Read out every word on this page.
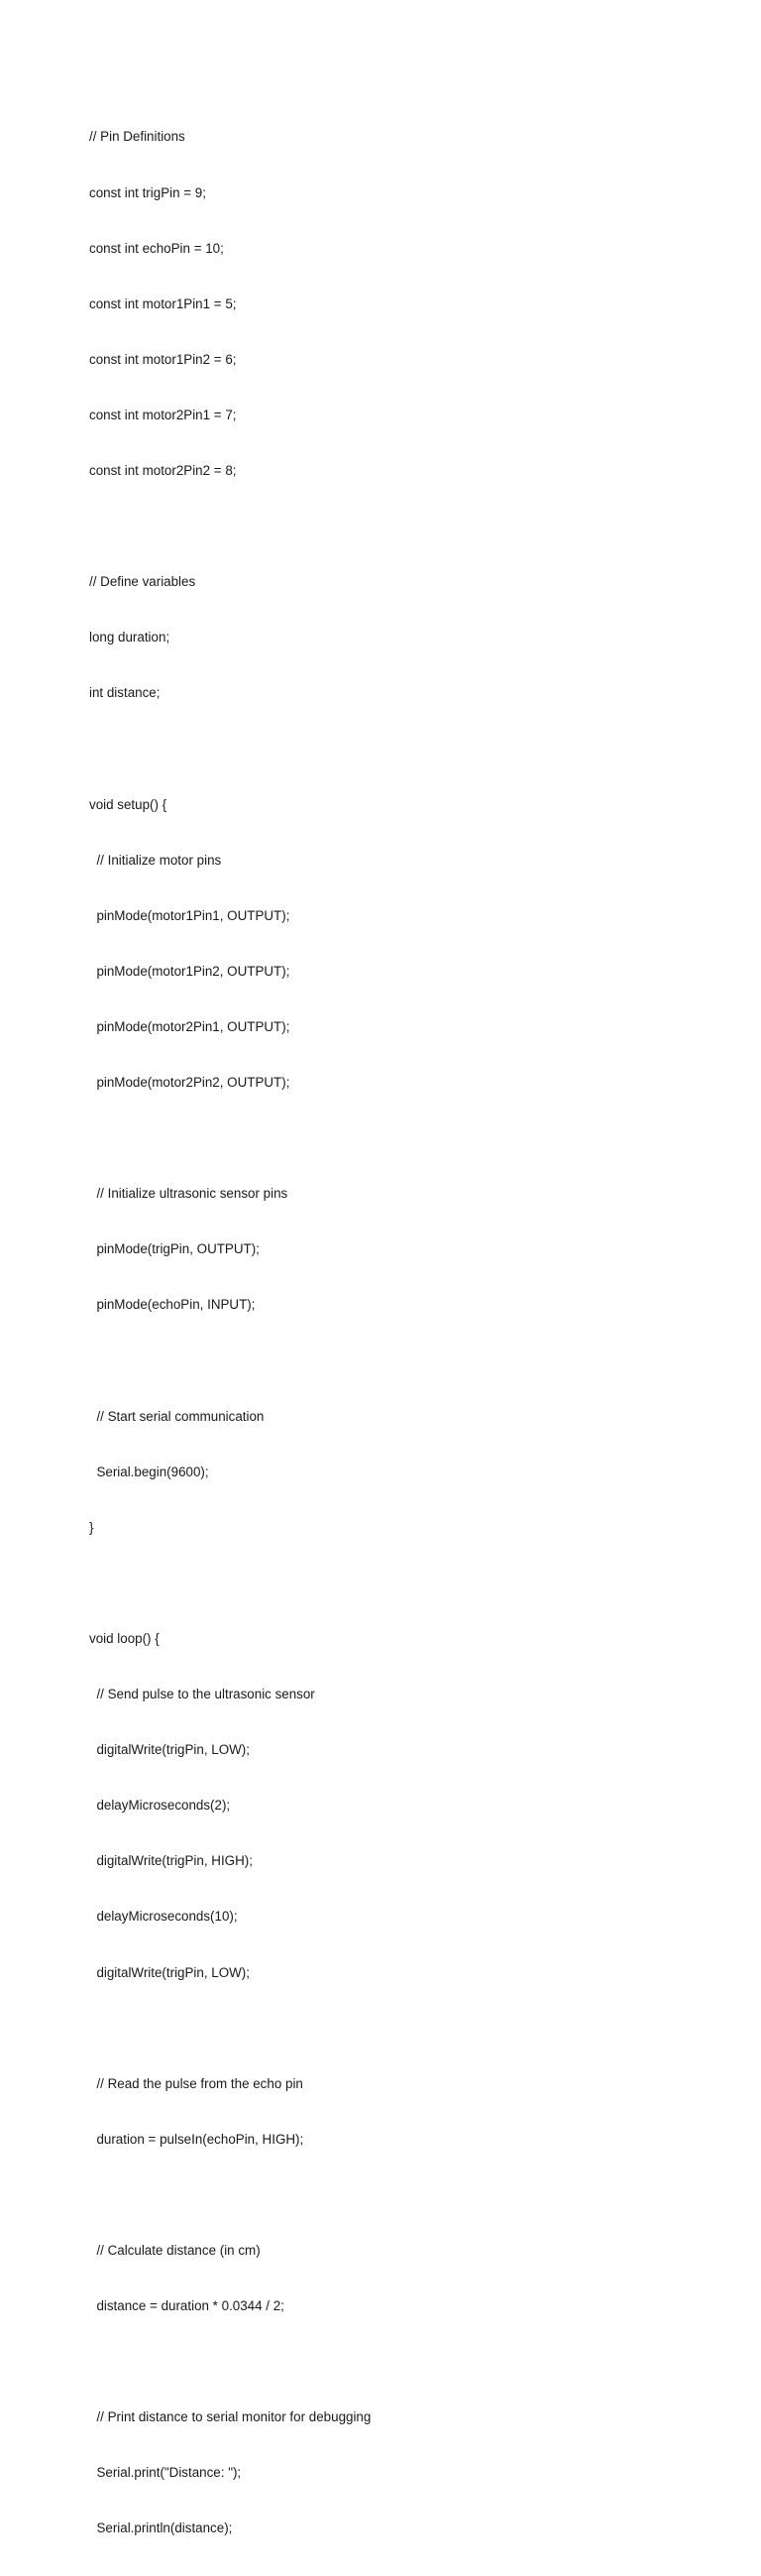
// Pin Definitions

const int trigPin = 9;

const int echoPin = 10;

const int motor1Pin1 = 5;

const int motor1Pin2 = 6;

const int motor2Pin1 = 7;

const int motor2Pin2 = 8;

// Define variables

long duration;

int distance;

void setup() {

// Initialize motor pins

pinMode(motor1Pin1, OUTPUT);

pinMode(motor1Pin2, OUTPUT);

pinMode(motor2Pin1, OUTPUT);

pinMode(motor2Pin2, OUTPUT);

// Initialize ultrasonic sensor pins

pinMode(trigPin, OUTPUT);

pinMode(echoPin, INPUT);

// Start serial communication

Serial.begin(9600);

}

void loop() {

// Send pulse to the ultrasonic sensor

digitalWrite(trigPin, LOW);

delayMicroseconds(2);

digitalWrite(trigPin, HIGH);

delayMicroseconds(10);

digitalWrite(trigPin, LOW);

// Read the pulse from the echo pin

duration = pulseIn(echoPin, HIGH);

// Calculate distance (in cm)

distance = duration * 0.0344 / 2;

// Print distance to serial monitor for debugging

Serial.print("Distance: ");

Serial.println(distance);
